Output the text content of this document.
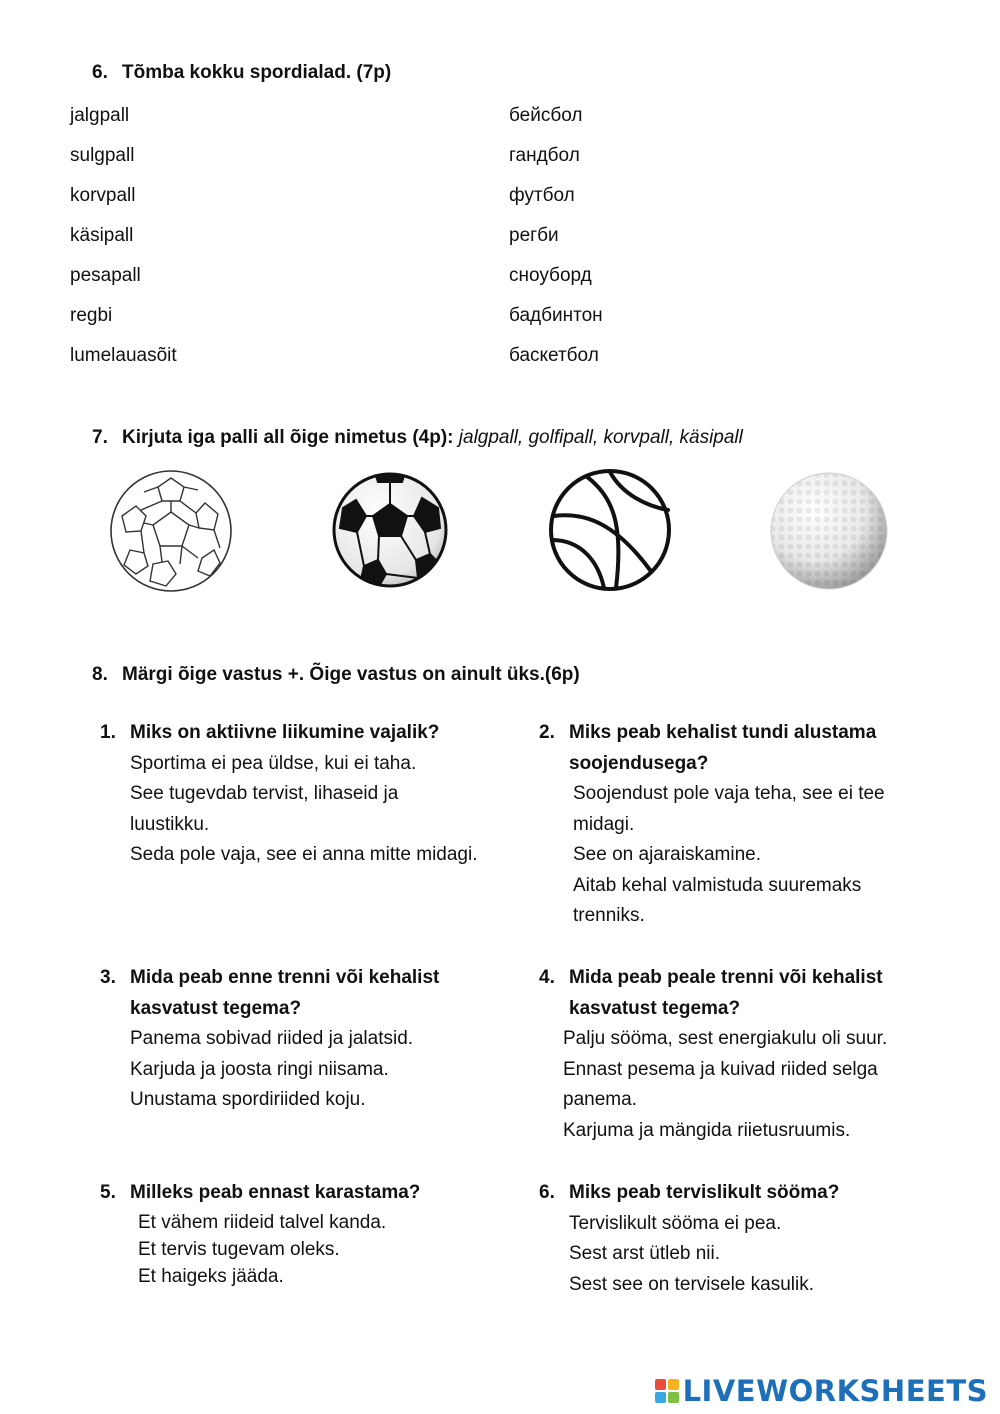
6. Tõmba kokku spordialad. (7p)
jalgpall
sulgpall
korvpall
käsipall
pesapall
regbi
lumelauasõit
бейсбол
гандбол
футбол
регби
сноуборд
бадбинтон
баскетбол
7. Kirjuta iga palli all õige nimetus (4p): jalgpall, golfipall, korvpall, käsipall
8. Märgi õige vastus +. Õige vastus on ainult üks.(6p)
1. Miks on aktiivne liikumine vajalik?
Sportima ei pea üldse, kui ei taha.
See tugevdab tervist, lihaseid ja luustikku.
Seda pole vaja, see ei anna mitte midagi.
2. Miks peab kehalist tundi alustama soojendusega?
Soojendust pole vaja teha, see ei tee midagi.
See on ajaraiskamine.
Aitab kehal valmistuda suuremaks trenniks.
3. Mida peab enne trenni või kehalist kasvatust tegema?
Panema sobivad riided ja jalatsid.
Karjuda ja joosta ringi niisama.
Unustama spordiriided koju.
4. Mida peab peale trenni või kehalist kasvatust tegema?
Palju sööma, sest energiakulu oli suur.
Ennast pesema ja kuivad riided selga panema.
Karjuma ja mängida riietusruumis.
5. Milleks peab ennast karastama?
Et vähem riideid talvel kanda.
Et tervis tugevam oleks.
Et haigeks jääda.
6. Miks peab tervislikult sööma?
Tervislikult sööma ei pea.
Sest arst ütleb nii.
Sest see on tervisele kasulik.
LIVEWORKSHEETS
